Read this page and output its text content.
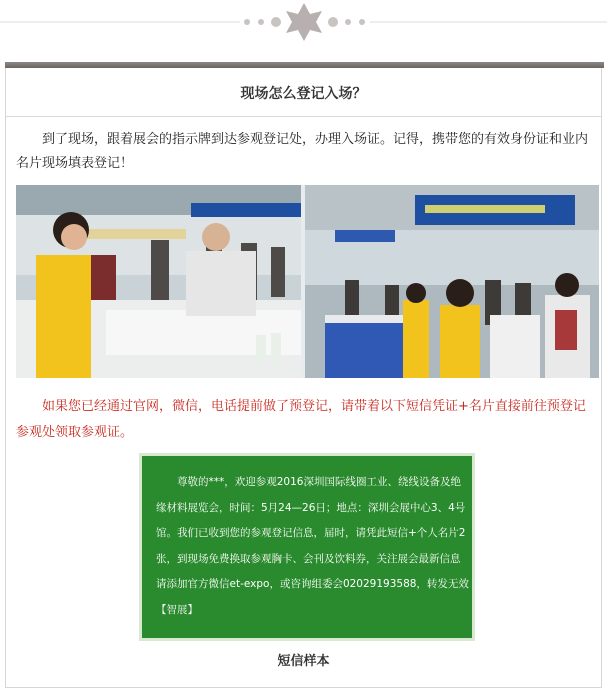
现场怎么登记入场？
到了现场，跟着展会的指示牌到达参观登记处，办理入场证。记得，携带您的有效身份证和业内名片现场填表登记！
如果您已经通过官网，微信，电话提前做了预登记，请带着以下短信凭证+名片直接前往预登记参观处领取参观证。
尊敬的***，欢迎参观2016深圳国际线圈工业、绕线设备及绝
缘材料展览会，时间：5月24—26日；地点：深圳会展中心3、4号
馆。我们已收到您的参观登记信息，届时，请凭此短信+个人名片2
张，到现场免费换取参观胸卡、会刊及饮料券，关注展会最新信息
请添加官方微信et-expo，或咨询组委会02029193588，转发无效
【智展】
短信样本
